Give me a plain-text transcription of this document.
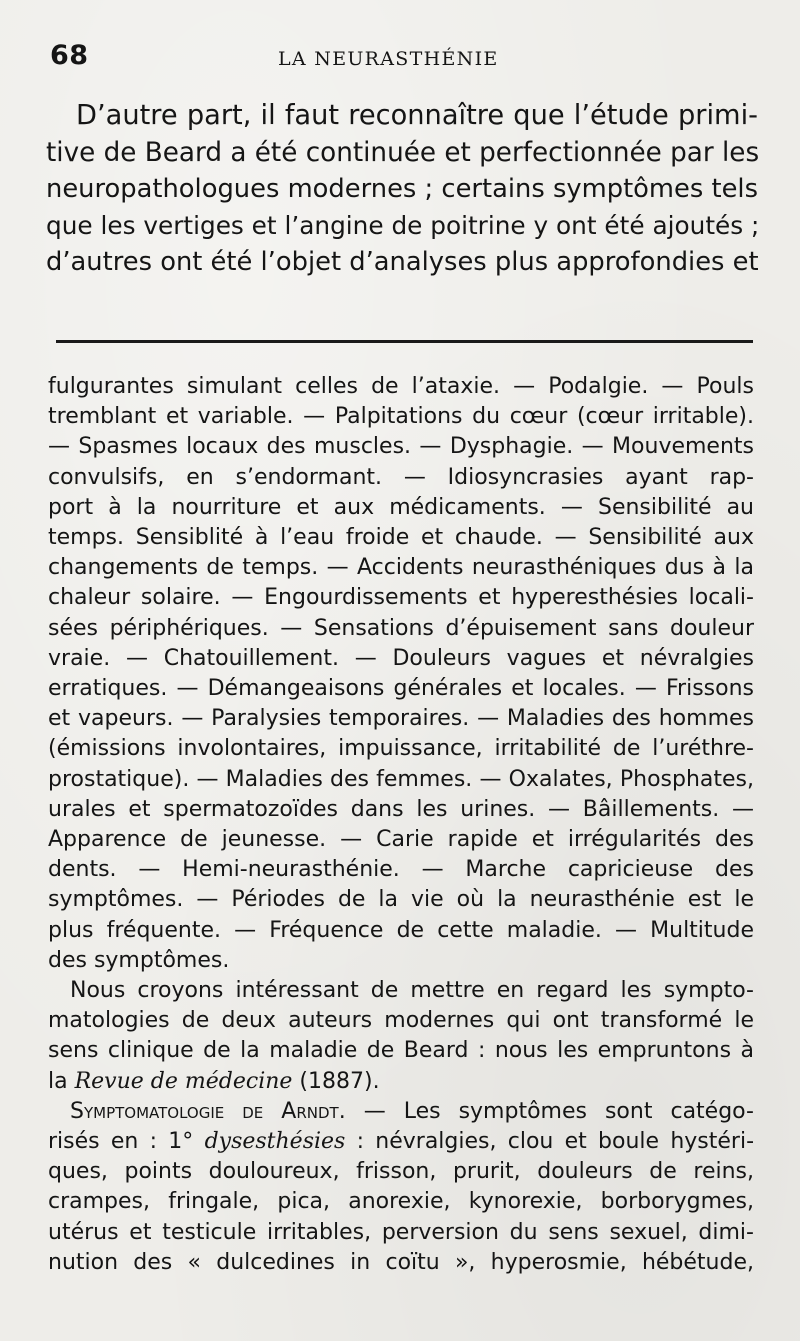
68	LA NEURASTHÉNIE
D’autre part, il faut reconnaître que l’étude primi-
tive de Beard a été continuée et perfectionnée par les
neuropathologues modernes ; certains symptômes tels
que les vertiges et l’angine de poitrine y ont été ajoutés ;
d’autres ont été l’objet d’analyses plus approfondies et
fulgurantes simulant celles de l’ataxie. — Podalgie. — Pouls
tremblant et variable. — Palpitations du cœur (cœur irritable).
— Spasmes locaux des muscles. — Dysphagie. — Mouvements
convulsifs, en s’endormant. — Idiosyncrasies ayant rap-
port à la nourriture et aux médicaments. — Sensibilité au
temps. Sensiblité à l’eau froide et chaude. — Sensibilité aux
changements de temps. — Accidents neurasthéniques dus à la
chaleur solaire. — Engourdissements et hyperesthésies locali-
sées périphériques. — Sensations d’épuisement sans douleur
vraie. — Chatouillement. — Douleurs vagues et névralgies
erratiques. — Démangeaisons générales et locales. — Frissons
et vapeurs. — Paralysies temporaires. — Maladies des hommes
(émissions involontaires, impuissance, irritabilité de l’uréthre-
prostatique). — Maladies des femmes. — Oxalates, Phosphates,
urales et spermatozoïdes dans les urines. — Bâillements. —
Apparence de jeunesse. — Carie rapide et irrégularités des
dents. — Hemi-neurasthénie. — Marche capricieuse des
symptômes. — Périodes de la vie où la neurasthénie est le
plus fréquente. — Fréquence de cette maladie. — Multitude
des symptômes.
Nous croyons intéressant de mettre en regard les sympto-
matologies de deux auteurs modernes qui ont transformé le
sens clinique de la maladie de Beard : nous les empruntons à
la Revue de médecine (1887).
Symptomatologie de Arndt. — Les symptômes sont catégo-
risés en : 1° dysesthésies : névralgies, clou et boule hystéri-
ques, points douloureux, frisson, prurit, douleurs de reins,
crampes, fringale, pica, anorexie, kynorexie, borborygmes,
utérus et testicule irritables, perversion du sens sexuel, dimi-
nution des « dulcedines in coïtu », hyperosmie, hébétude,
